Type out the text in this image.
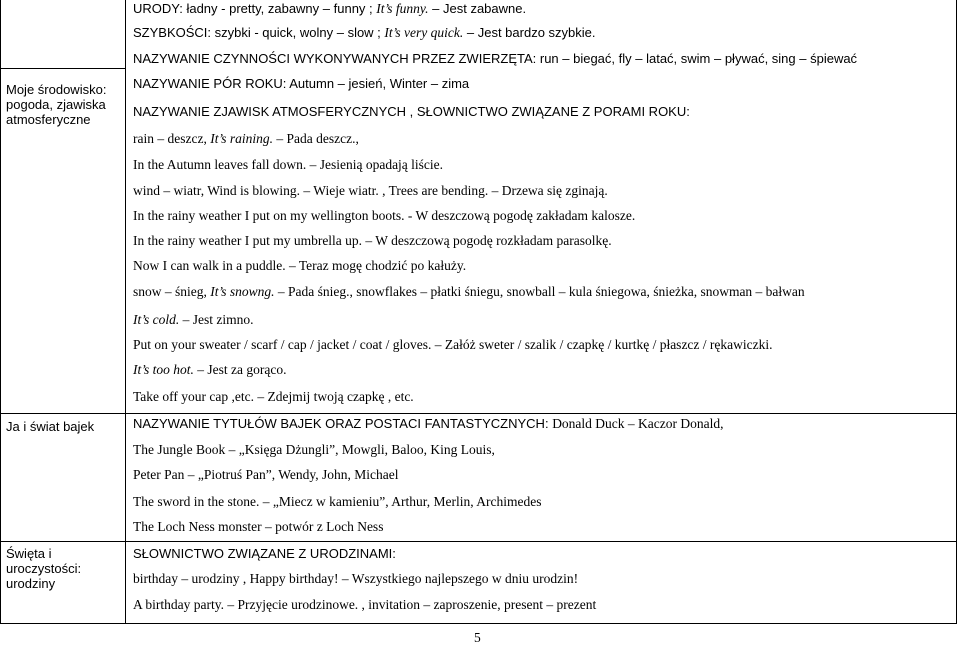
Moje środowisko:
pogoda, zjawiska
atmosferyczne
Ja i świat bajek
Święta i
uroczystości:
urodziny
URODY: ładny - pretty, zabawny – funny ; It’s funny. – Jest zabawne.
SZYBKOŚCI: szybki - quick, wolny – slow ; It’s very quick. – Jest bardzo szybkie.
NAZYWANIE CZYNNOŚCI WYKONYWANYCH PRZEZ ZWIERZĘTA: run – biegać, fly – latać, swim – pływać, sing – śpiewać
NAZYWANIE PÓR ROKU: Autumn – jesień, Winter – zima
NAZYWANIE ZJAWISK ATMOSFERYCZNYCH , SŁOWNICTWO ZWIĄZANE Z PORAMI ROKU:
rain – deszcz, It’s raining. – Pada deszcz.,
In the Autumn leaves fall down. – Jesienią opadają liście.
wind – wiatr, Wind is blowing. – Wieje wiatr. , Trees are bending. – Drzewa się zginają.
In the rainy weather I put on my wellington boots. - W deszczową pogodę zakładam kalosze.
In the rainy weather I put my umbrella up. – W deszczową pogodę rozkładam parasolkę.
Now I can walk in a puddle. – Teraz mogę chodzić po kałuży.
snow – śnieg, It’s snowng. – Pada śnieg., snowflakes – płatki śniegu, snowball – kula śniegowa, śnieżka, snowman – bałwan
It’s cold. – Jest zimno.
Put on your sweater / scarf / cap / jacket / coat / gloves. – Załóż sweter / szalik / czapkę / kurtkę / płaszcz / rękawiczki.
It’s too hot. – Jest za gorąco.
Take off your cap ,etc. – Zdejmij twoją czapkę , etc.
NAZYWANIE TYTUŁÓW BAJEK ORAZ POSTACI FANTASTYCZNYCH: Donald Duck – Kaczor Donald,
The Jungle Book – „Księga Dżungli”, Mowgli, Baloo, King Louis,
Peter Pan – „Piotruś Pan”, Wendy, John, Michael
The sword in the stone. – „Miecz w kamieniu”, Arthur, Merlin, Archimedes
The Loch Ness monster – potwór z Loch Ness
SŁOWNICTWO ZWIĄZANE Z URODZINAMI:
birthday – urodziny , Happy birthday! – Wszystkiego najlepszego w dniu urodzin!
A birthday party. – Przyjęcie urodzinowe. , invitation – zaproszenie, present – prezent
5
